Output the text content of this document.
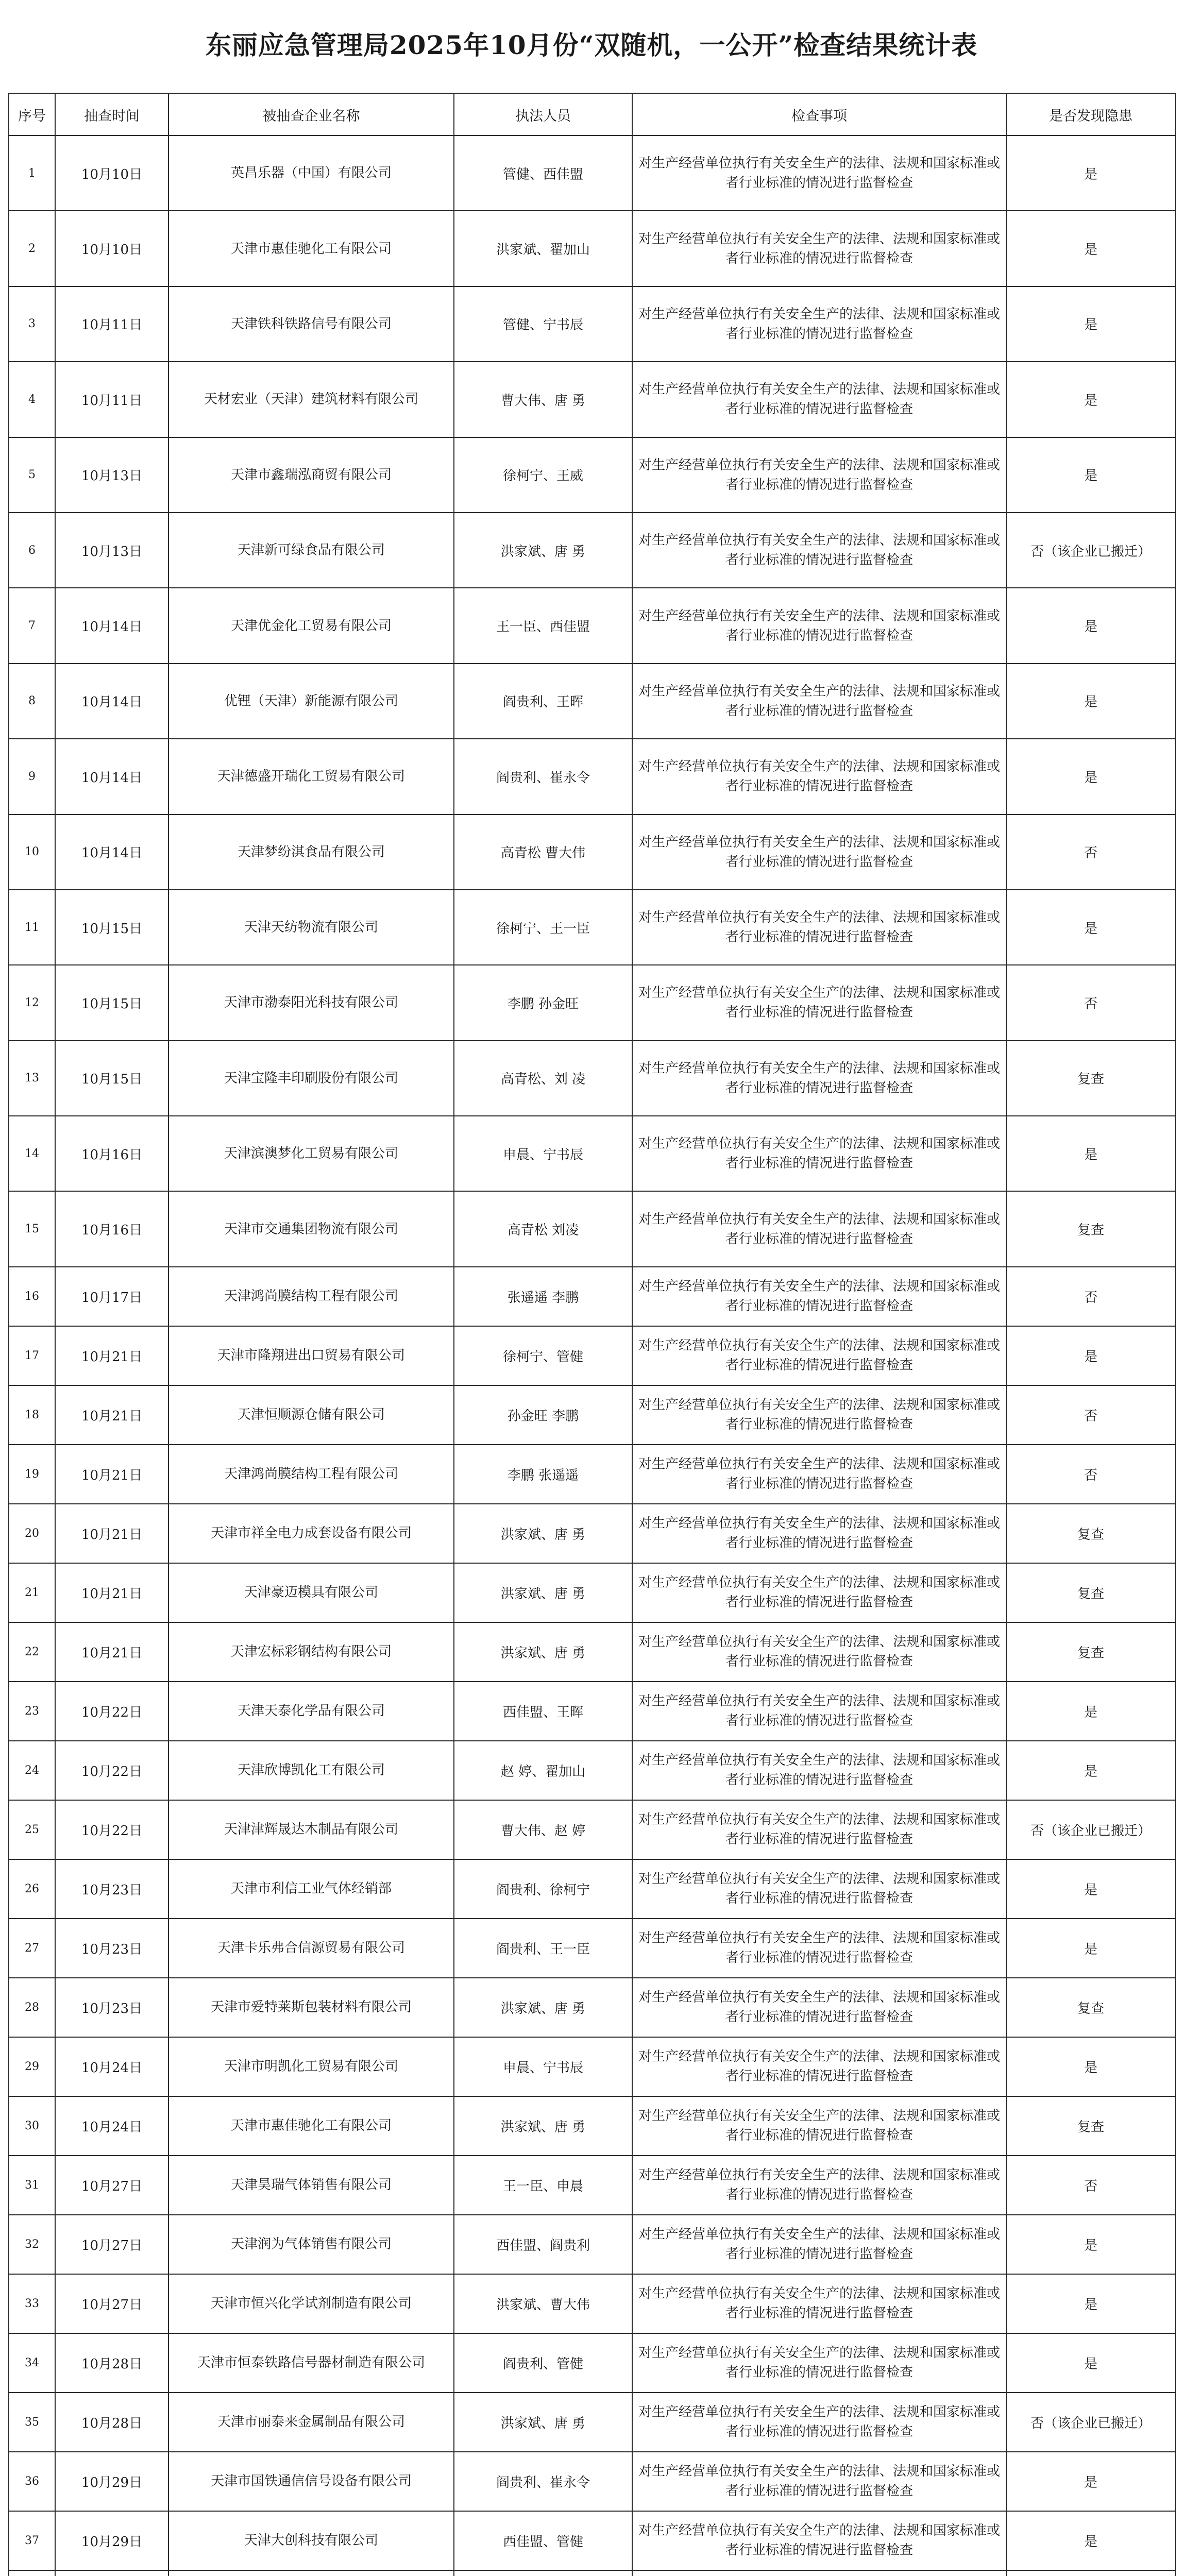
东丽应急管理局2025年10月份“双随机，一公开”检查结果统计表
序号	抽查时间	被抽查企业名称	执法人员	检查事项	是否发现隐患
1	10月10日	英昌乐器（中国）有限公司	管健、西佳盟	对生产经营单位执行有关安全生产的法律、法规和国家标准或者行业标准的情况进行监督检查	是
2	10月10日	天津市惠佳驰化工有限公司	洪家斌、翟加山	对生产经营单位执行有关安全生产的法律、法规和国家标准或者行业标准的情况进行监督检查	是
3	10月11日	天津铁科铁路信号有限公司	管健、宁书辰	对生产经营单位执行有关安全生产的法律、法规和国家标准或者行业标准的情况进行监督检查	是
4	10月11日	天材宏业（天津）建筑材料有限公司	曹大伟、唐 勇	对生产经营单位执行有关安全生产的法律、法规和国家标准或者行业标准的情况进行监督检查	是
5	10月13日	天津市鑫瑞泓商贸有限公司	徐柯宁、王威	对生产经营单位执行有关安全生产的法律、法规和国家标准或者行业标准的情况进行监督检查	是
6	10月13日	天津新可绿食品有限公司	洪家斌、唐 勇	对生产经营单位执行有关安全生产的法律、法规和国家标准或者行业标准的情况进行监督检查	否（该企业已搬迁）
7	10月14日	天津优金化工贸易有限公司	王一臣、西佳盟	对生产经营单位执行有关安全生产的法律、法规和国家标准或者行业标准的情况进行监督检查	是
8	10月14日	优锂（天津）新能源有限公司	阎贵利、王晖	对生产经营单位执行有关安全生产的法律、法规和国家标准或者行业标准的情况进行监督检查	是
9	10月14日	天津德盛开瑞化工贸易有限公司	阎贵利、崔永令	对生产经营单位执行有关安全生产的法律、法规和国家标准或者行业标准的情况进行监督检查	是
10	10月14日	天津梦纷淇食品有限公司	高青松 曹大伟	对生产经营单位执行有关安全生产的法律、法规和国家标准或者行业标准的情况进行监督检查	否
11	10月15日	天津天纺物流有限公司	徐柯宁、王一臣	对生产经营单位执行有关安全生产的法律、法规和国家标准或者行业标准的情况进行监督检查	是
12	10月15日	天津市渤泰阳光科技有限公司	李鹏 孙金旺	对生产经营单位执行有关安全生产的法律、法规和国家标准或者行业标准的情况进行监督检查	否
13	10月15日	天津宝隆丰印刷股份有限公司	高青松、刘 凌	对生产经营单位执行有关安全生产的法律、法规和国家标准或者行业标准的情况进行监督检查	复查
14	10月16日	天津滨澳梦化工贸易有限公司	申晨、宁书辰	对生产经营单位执行有关安全生产的法律、法规和国家标准或者行业标准的情况进行监督检查	是
15	10月16日	天津市交通集团物流有限公司	高青松 刘凌	对生产经营单位执行有关安全生产的法律、法规和国家标准或者行业标准的情况进行监督检查	复查
16	10月17日	天津鸿尚膜结构工程有限公司	张遥遥 李鹏	对生产经营单位执行有关安全生产的法律、法规和国家标准或者行业标准的情况进行监督检查	否
17	10月21日	天津市隆翔进出口贸易有限公司	徐柯宁、管健	对生产经营单位执行有关安全生产的法律、法规和国家标准或者行业标准的情况进行监督检查	是
18	10月21日	天津恒顺源仓储有限公司	孙金旺 李鹏	对生产经营单位执行有关安全生产的法律、法规和国家标准或者行业标准的情况进行监督检查	否
19	10月21日	天津鸿尚膜结构工程有限公司	李鹏 张遥遥	对生产经营单位执行有关安全生产的法律、法规和国家标准或者行业标准的情况进行监督检查	否
20	10月21日	天津市祥全电力成套设备有限公司	洪家斌、唐 勇	对生产经营单位执行有关安全生产的法律、法规和国家标准或者行业标准的情况进行监督检查	复查
21	10月21日	天津豪迈模具有限公司	洪家斌、唐 勇	对生产经营单位执行有关安全生产的法律、法规和国家标准或者行业标准的情况进行监督检查	复查
22	10月21日	天津宏标彩钢结构有限公司	洪家斌、唐 勇	对生产经营单位执行有关安全生产的法律、法规和国家标准或者行业标准的情况进行监督检查	复查
23	10月22日	天津天泰化学品有限公司	西佳盟、王晖	对生产经营单位执行有关安全生产的法律、法规和国家标准或者行业标准的情况进行监督检查	是
24	10月22日	天津欣博凯化工有限公司	赵 婷、翟加山	对生产经营单位执行有关安全生产的法律、法规和国家标准或者行业标准的情况进行监督检查	是
25	10月22日	天津津辉晟达木制品有限公司	曹大伟、赵 婷	对生产经营单位执行有关安全生产的法律、法规和国家标准或者行业标准的情况进行监督检查	否（该企业已搬迁）
26	10月23日	天津市利信工业气体经销部	阎贵利、徐柯宁	对生产经营单位执行有关安全生产的法律、法规和国家标准或者行业标准的情况进行监督检查	是
27	10月23日	天津卡乐弗合信源贸易有限公司	阎贵利、王一臣	对生产经营单位执行有关安全生产的法律、法规和国家标准或者行业标准的情况进行监督检查	是
28	10月23日	天津市爱特莱斯包装材料有限公司	洪家斌、唐 勇	对生产经营单位执行有关安全生产的法律、法规和国家标准或者行业标准的情况进行监督检查	复查
29	10月24日	天津市明凯化工贸易有限公司	申晨、宁书辰	对生产经营单位执行有关安全生产的法律、法规和国家标准或者行业标准的情况进行监督检查	是
30	10月24日	天津市惠佳驰化工有限公司	洪家斌、唐 勇	对生产经营单位执行有关安全生产的法律、法规和国家标准或者行业标准的情况进行监督检查	复查
31	10月27日	天津昊瑞气体销售有限公司	王一臣、申晨	对生产经营单位执行有关安全生产的法律、法规和国家标准或者行业标准的情况进行监督检查	否
32	10月27日	天津润为气体销售有限公司	西佳盟、阎贵利	对生产经营单位执行有关安全生产的法律、法规和国家标准或者行业标准的情况进行监督检查	是
33	10月27日	天津市恒兴化学试剂制造有限公司	洪家斌、曹大伟	对生产经营单位执行有关安全生产的法律、法规和国家标准或者行业标准的情况进行监督检查	是
34	10月28日	天津市恒泰铁路信号器材制造有限公司	阎贵利、管健	对生产经营单位执行有关安全生产的法律、法规和国家标准或者行业标准的情况进行监督检查	是
35	10月28日	天津市丽泰来金属制品有限公司	洪家斌、唐 勇	对生产经营单位执行有关安全生产的法律、法规和国家标准或者行业标准的情况进行监督检查	否（该企业已搬迁）
36	10月29日	天津市国铁通信信号设备有限公司	阎贵利、崔永令	对生产经营单位执行有关安全生产的法律、法规和国家标准或者行业标准的情况进行监督检查	是
37	10月29日	天津大创科技有限公司	西佳盟、管健	对生产经营单位执行有关安全生产的法律、法规和国家标准或者行业标准的情况进行监督检查	是
